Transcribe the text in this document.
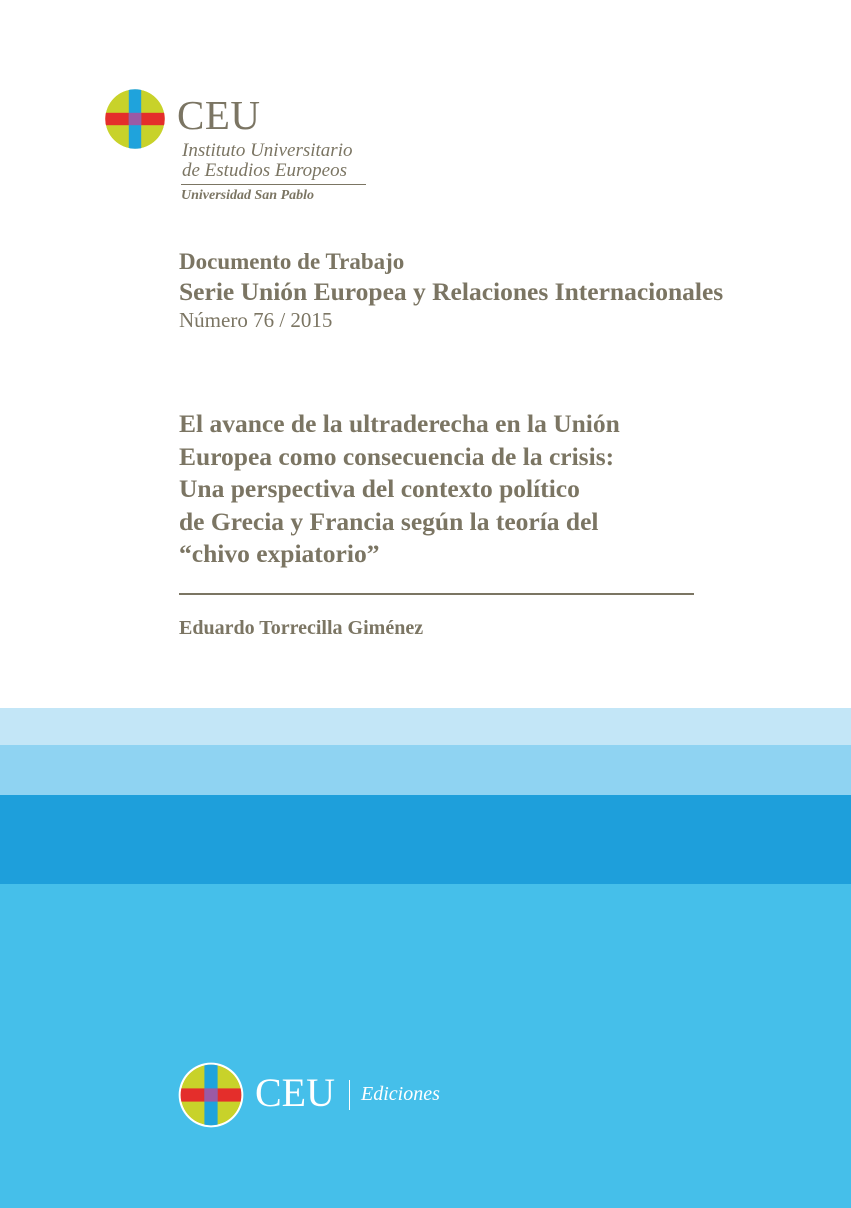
CEU
Instituto Universitario
de Estudios Europeos
Universidad San Pablo
Documento de Trabajo
Serie Unión Europea y Relaciones Internacionales
Número 76 / 2015
El avance de la ultraderecha en la Unión
Europea como consecuencia de la crisis:
Una perspectiva del contexto político
de Grecia y Francia según la teoría del
“chivo expiatorio”
Eduardo Torrecilla Giménez
CEU Ediciones
